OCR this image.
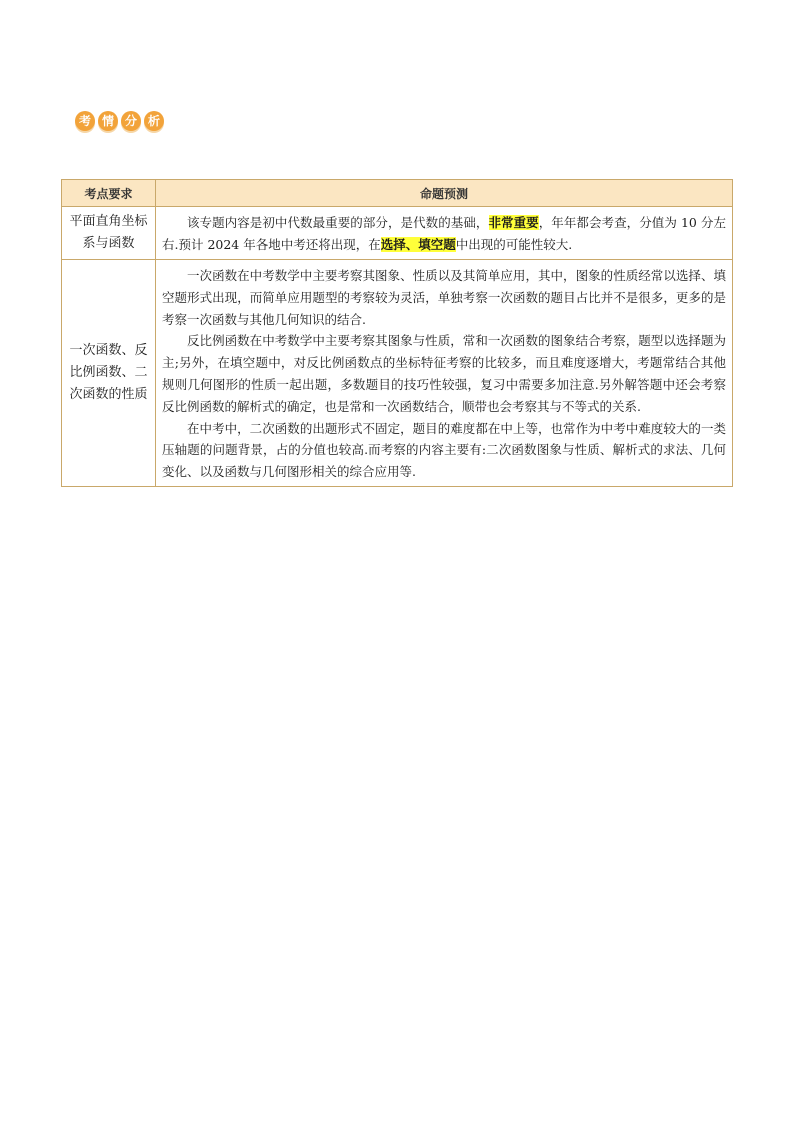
考 情 分 析
考点要求	命题预测
平面直角坐标系与函数	该专题内容是初中代数最重要的部分，是代数的基础，非常重要，年年都会考查，分值为 10 分左右.预计 2024 年各地中考还将出现，在选择、填空题中出现的可能性较大.

一次函数、反比例函数、二次函数的性质	一次函数在中考数学中主要考察其图象、性质以及其简单应用，其中，图象的性质经常以选择、填空题形式出现，而简单应用题型的考察较为灵活，单独考察一次函数的题目占比并不是很多，更多的是考察一次函数与其他几何知识的结合.

反比例函数在中考数学中主要考察其图象与性质，常和一次函数的图象结合考察，题型以选择题为主;另外，在填空题中，对反比例函数点的坐标特征考察的比较多，而且难度逐增大，考题常结合其他规则几何图形的性质一起出题，多数题目的技巧性较强，复习中需要多加注意.另外解答题中还会考察反比例函数的解析式的确定，也是常和一次函数结合，顺带也会考察其与不等式的关系.

在中考中，二次函数的出题形式不固定，题目的难度都在中上等，也常作为中考中难度较大的一类压轴题的问题背景，占的分值也较高.而考察的内容主要有:二次函数图象与性质、解析式的求法、几何变化、以及函数与几何图形相关的综合应用等.
